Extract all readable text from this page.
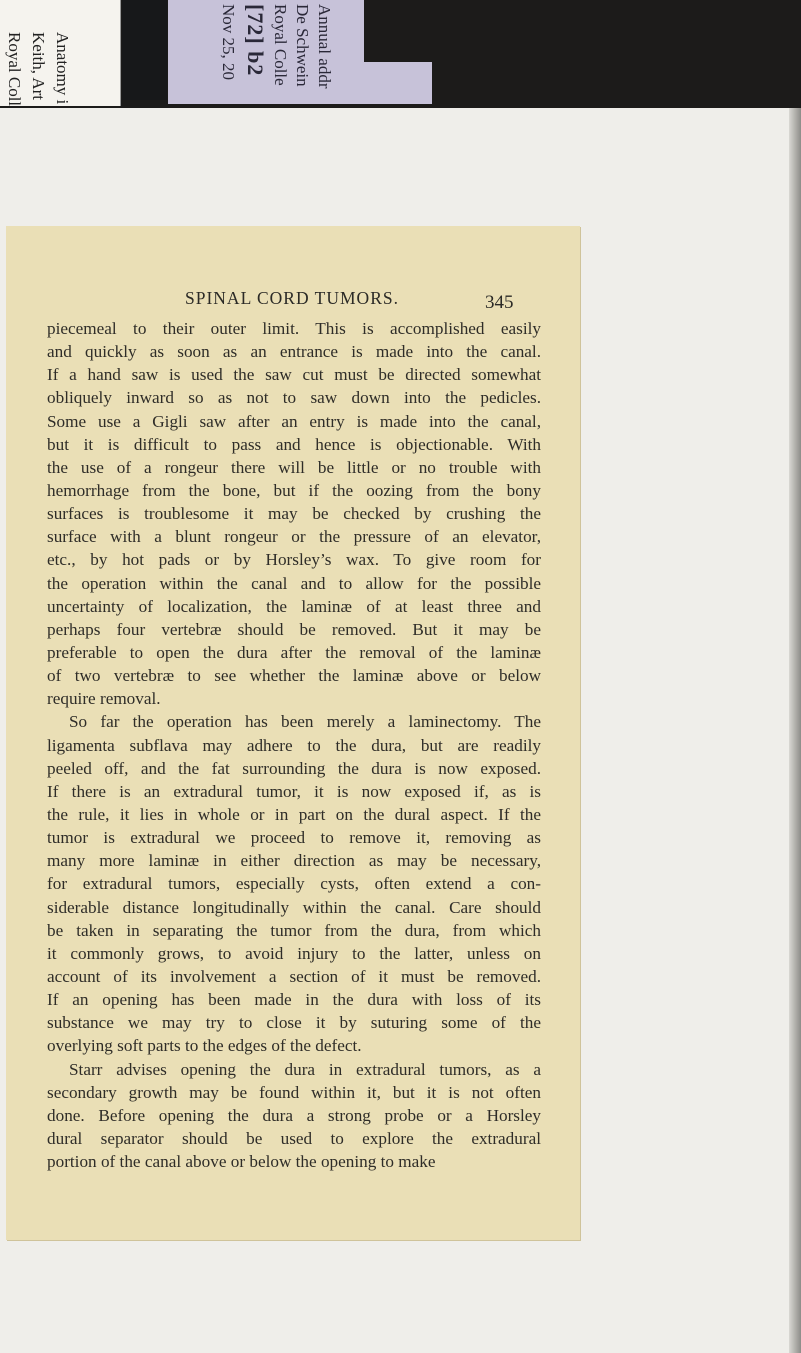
Anatomy i
Keith, Art
Royal Coll	Annual addr
De Schwein
Royal Colle
[72] b2
Nov 25, 20
SPINAL CORD TUMORS.	345
piecemeal to their outer limit. This is accomplished easily
and quickly as soon as an entrance is made into the canal.
If a hand saw is used the saw cut must be directed somewhat
obliquely inward so as not to saw down into the pedicles.
Some use a Gigli saw after an entry is made into the canal,
but it is difficult to pass and hence is objectionable. With
the use of a rongeur there will be little or no trouble with
hemorrhage from the bone, but if the oozing from the bony
surfaces is troublesome it may be checked by crushing the
surface with a blunt rongeur or the pressure of an elevator,
etc., by hot pads or by Horsley’s wax. To give room for
the operation within the canal and to allow for the possible
uncertainty of localization, the laminæ of at least three and
perhaps four vertebræ should be removed. But it may be
preferable to open the dura after the removal of the laminæ
of two vertebræ to see whether the laminæ above or below
require removal.
So far the operation has been merely a laminectomy. The
ligamenta subflava may adhere to the dura, but are readily
peeled off, and the fat surrounding the dura is now exposed.
If there is an extradural tumor, it is now exposed if, as is
the rule, it lies in whole or in part on the dural aspect. If the
tumor is extradural we proceed to remove it, removing as
many more laminæ in either direction as may be necessary,
for extradural tumors, especially cysts, often extend a con-
siderable distance longitudinally within the canal. Care should
be taken in separating the tumor from the dura, from which
it commonly grows, to avoid injury to the latter, unless on
account of its involvement a section of it must be removed.
If an opening has been made in the dura with loss of its
substance we may try to close it by suturing some of the
overlying soft parts to the edges of the defect.
Starr advises opening the dura in extradural tumors, as a
secondary growth may be found within it, but it is not often
done. Before opening the dura a strong probe or a Horsley
dural separator should be used to explore the extradural
portion of the canal above or below the opening to make
